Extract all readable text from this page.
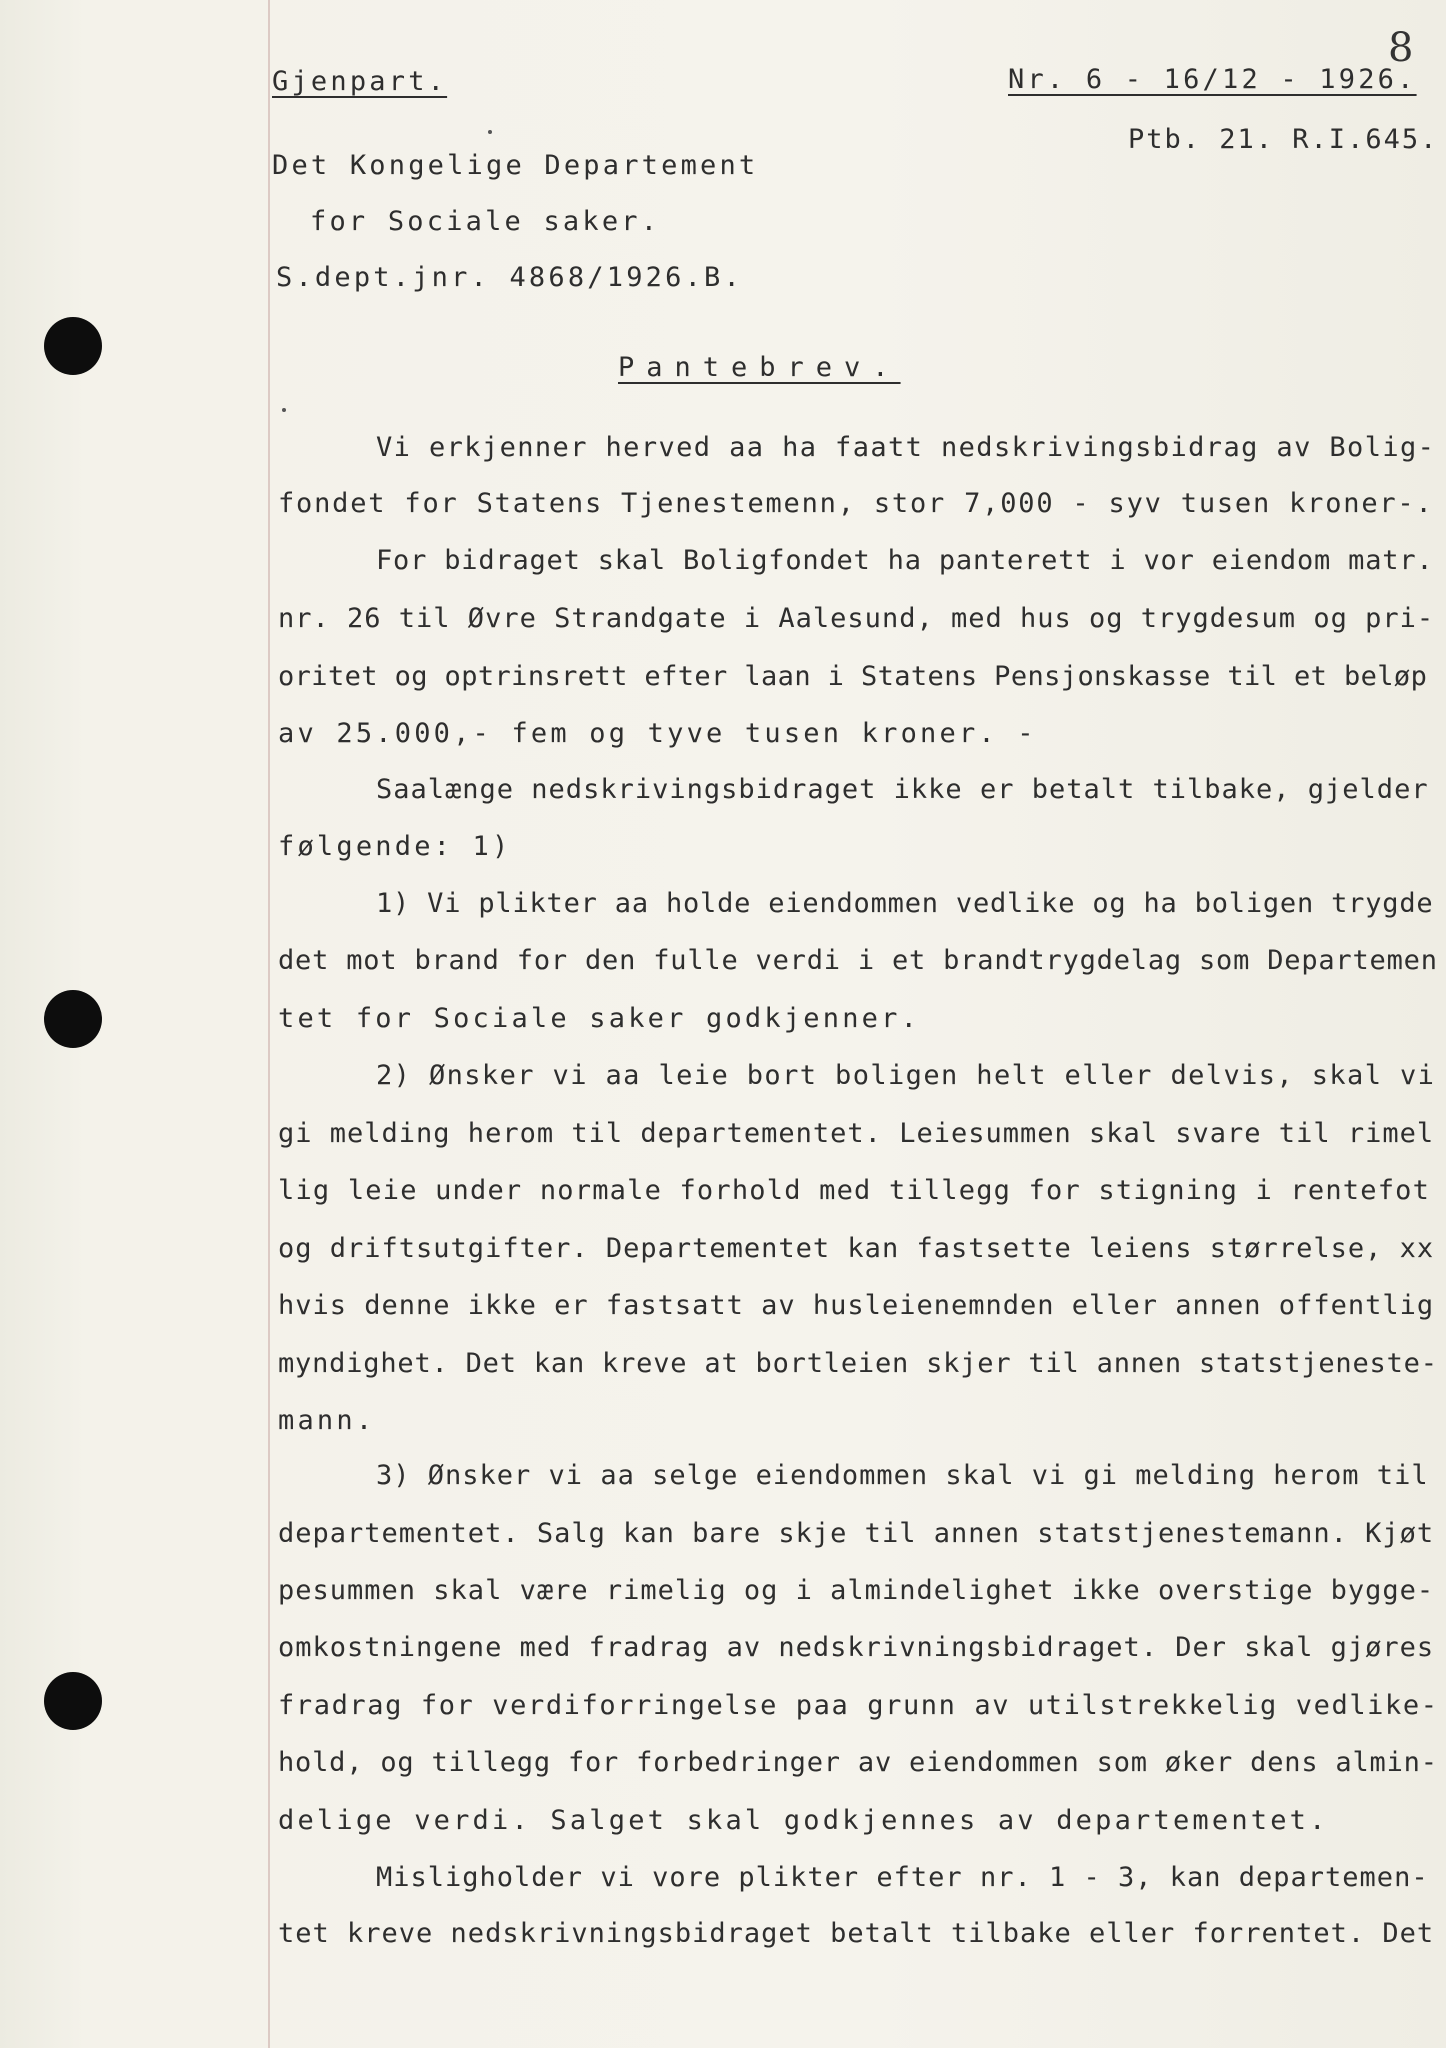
Gjenpart.	Nr. 6 - 16/12 - 1926.
8
Ptb. 21. R.I.645.
Det Kongelige Departement
for Sociale saker.
S.dept.jnr. 4868/1926.B.
Pantebrev.
Vi erkjenner herved aa ha faatt nedskrivingsbidrag av Bolig-
fondet for Statens Tjenestemenn, stor 7,000 - syv tusen kroner-.
For bidraget skal Boligfondet ha panterett i vor eiendom matr.
nr. 26 til Øvre Strandgate i Aalesund, med hus og trygdesum og pri-
oritet og optrinsrett efter laan i Statens Pensjonskasse til et beløp
av 25.000,- fem og tyve tusen kroner. -
Saalænge nedskrivingsbidraget ikke er betalt tilbake, gjelder
følgende: 1)
1) Vi plikter aa holde eiendommen vedlike og ha boligen trygde
det mot brand for den fulle verdi i et brandtrygdelag som Departemen
tet for Sociale saker godkjenner.
2) Ønsker vi aa leie bort boligen helt eller delvis, skal vi
gi melding herom til departementet. Leiesummen skal svare til rimel
lig leie under normale forhold med tillegg for stigning i rentefot
og driftsutgifter. Departementet kan fastsette leiens størrelse, xx
hvis denne ikke er fastsatt av husleienemnden eller annen offentlig
myndighet. Det kan kreve at bortleien skjer til annen statstjeneste-
mann.
3) Ønsker vi aa selge eiendommen skal vi gi melding herom til
departementet. Salg kan bare skje til annen statstjenestemann. Kjøt
pesummen skal være rimelig og i almindelighet ikke overstige bygge-
omkostningene med fradrag av nedskrivningsbidraget. Der skal gjøres
fradrag for verdiforringelse paa grunn av utilstrekkelig vedlike-
hold, og tillegg for forbedringer av eiendommen som øker dens almin-
delige verdi. Salget skal godkjennes av departementet.
Misligholder vi vore plikter efter nr. 1 - 3, kan departemen-
tet kreve nedskrivningsbidraget betalt tilbake eller forrentet. Det
